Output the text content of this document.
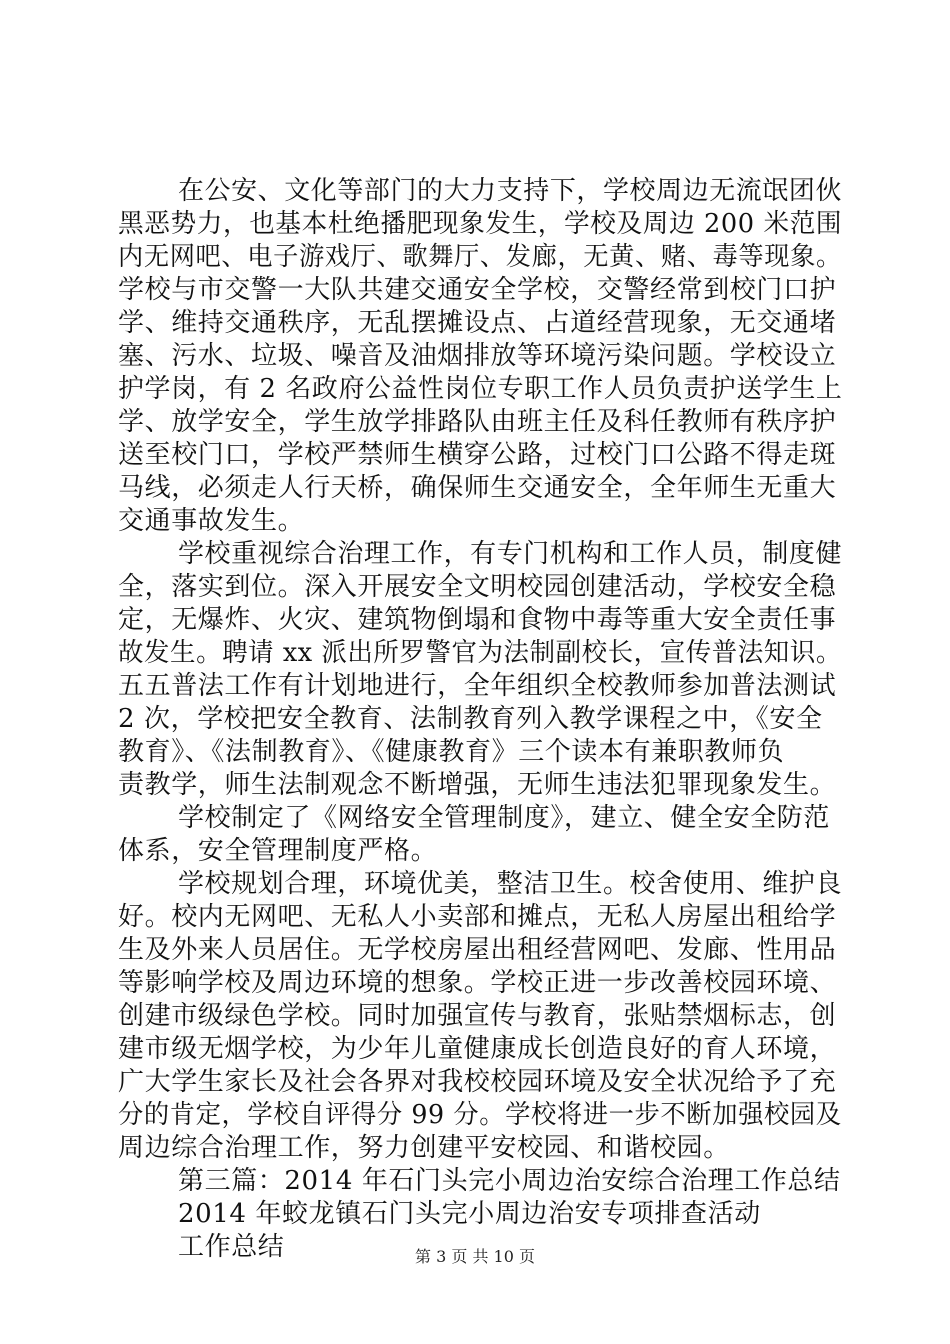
在公安、文化等部门的大力支持下，学校周边无流氓团伙
黑恶势力，也基本杜绝播肥现象发生，学校及周边 200 米范围
内无网吧、电子游戏厅、歌舞厅、发廊，无黄、赌、毒等现象。
学校与市交警一大队共建交通安全学校，交警经常到校门口护
学、维持交通秩序，无乱摆摊设点、占道经营现象，无交通堵
塞、污水、垃圾、噪音及油烟排放等环境污染问题。学校设立
护学岗，有 2 名政府公益性岗位专职工作人员负责护送学生上
学、放学安全，学生放学排路队由班主任及科任教师有秩序护
送至校门口，学校严禁师生横穿公路，过校门口公路不得走斑
马线，必须走人行天桥，确保师生交通安全，全年师生无重大
交通事故发生。
学校重视综合治理工作，有专门机构和工作人员，制度健
全，落实到位。深入开展安全文明校园创建活动，学校安全稳
定，无爆炸、火灾、建筑物倒塌和食物中毒等重大安全责任事
故发生。聘请 xx 派出所罗警官为法制副校长，宣传普法知识。
五五普法工作有计划地进行，全年组织全校教师参加普法测试
2 次，学校把安全教育、法制教育列入教学课程之中，《安全
教育》、《法制教育》、《健康教育》三个读本有兼职教师负
责教学，师生法制观念不断增强，无师生违法犯罪现象发生。
学校制定了《网络安全管理制度》，建立、健全安全防范
体系，安全管理制度严格。
学校规划合理，环境优美，整洁卫生。校舍使用、维护良
好。校内无网吧、无私人小卖部和摊点，无私人房屋出租给学
生及外来人员居住。无学校房屋出租经营网吧、发廊、性用品
等影响学校及周边环境的想象。学校正进一步改善校园环境、
创建市级绿色学校。同时加强宣传与教育，张贴禁烟标志，创
建市级无烟学校，为少年儿童健康成长创造良好的育人环境，
广大学生家长及社会各界对我校校园环境及安全状况给予了充
分的肯定，学校自评得分 99 分。学校将进一步不断加强校园及
周边综合治理工作，努力创建平安校园、和谐校园。
第三篇：2014 年石门头完小周边治安综合治理工作总结
2014 年蛟龙镇石门头完小周边治安专项排查活动
工作总结	第 3 页 共 10 页
